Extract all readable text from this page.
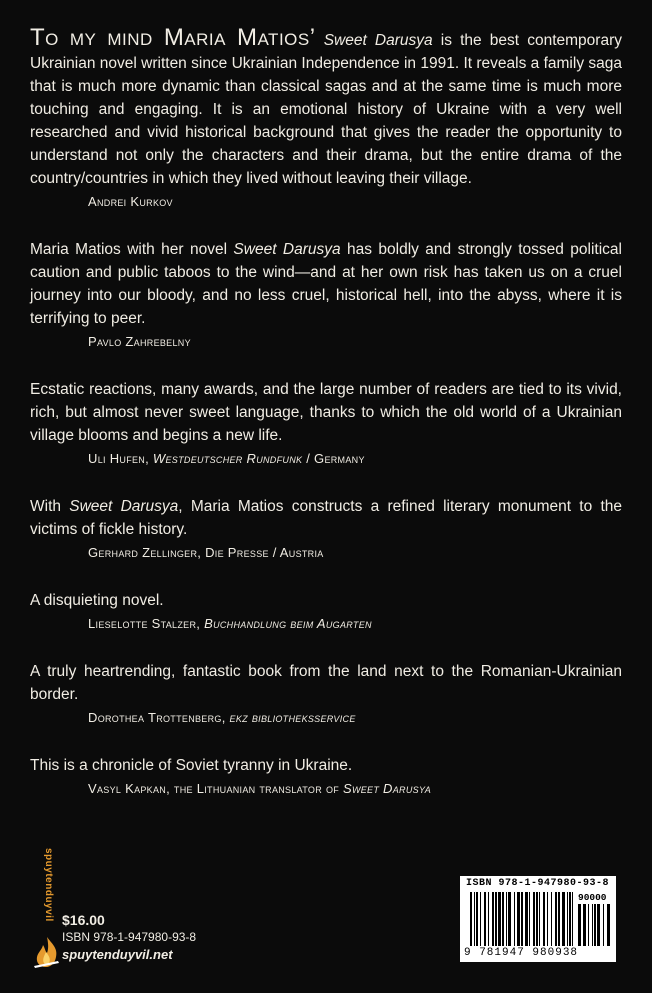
To my mind Maria Matios’ Sweet Darusya is the best contemporary Ukrainian novel written since Ukrainian Independence in 1991. It reveals a family saga that is much more dynamic than classical sagas and at the same time is much more touching and engaging. It is an emotional history of Ukraine with a very well researched and vivid historical background that gives the reader the opportunity to understand not only the characters and their drama, but the entire drama of the country/countries in which they lived without leaving their village.

Andrei Kurkov

Maria Matios with her novel Sweet Darusya has boldly and strongly tossed political caution and public taboos to the wind—and at her own risk has taken us on a cruel journey into our bloody, and no less cruel, historical hell, into the abyss, where it is terrifying to peer.

Pavlo Zahrebelny

Ecstatic reactions, many awards, and the large number of readers are tied to its vivid, rich, but almost never sweet language, thanks to which the old world of a Ukrainian village blooms and begins a new life.

Uli Hufen, Westdeutscher Rundfunk / Germany

With Sweet Darusya, Maria Matios constructs a refined literary monument to the victims of fickle history.

Gerhard Zellinger, Die Presse / Austria

A disquieting novel.

Lieselotte Stalzer, Buchhandlung beim Augarten

A truly heartrending, fantastic book from the land next to the Romanian-Ukrainian border.

Dorothea Trottenberg, ekz bibliotheksservice

This is a chronicle of Soviet tyranny in Ukraine.

Vasyl Kapkan, the Lithuanian translator of Sweet Darusya
spuytenduyvil $16.00
ISBN 978-1-947980-93-8
spuytenduyvil.net
ISBN 978-1-947980-93-8
90000
9 781947 980938
